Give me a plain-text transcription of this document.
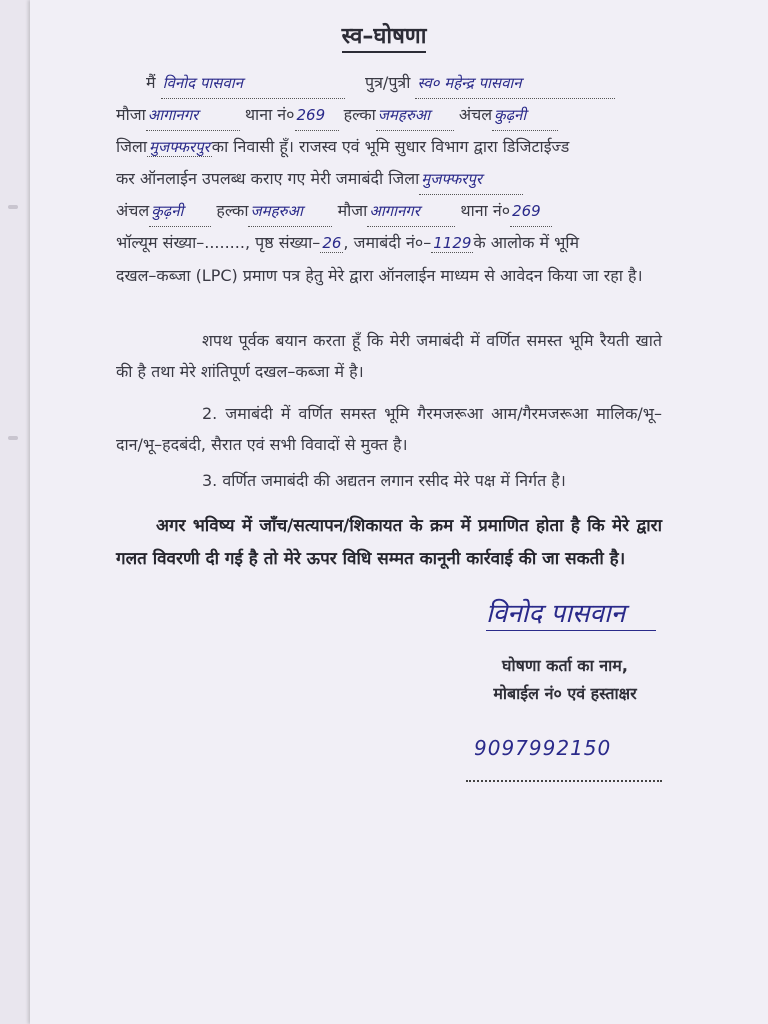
स्व–घोषणा
मैं विनोद पासवान	पुत्र/पुत्री स्व० महेन्द्र पासवान
मौजा आगानगर	थाना नं० 269 हल्का जमहरुआ अंचल कुढ़नी
जिला मुजफ्फरपुर का निवासी हूँ। राजस्व एवं भूमि सुधार विभाग द्वारा डिजिटाईज्ड
कर ऑनलाईन उपलब्ध कराए गए मेरी जमाबंदी जिला मुजफ्फरपुर
अंचल कुढ़नी हल्का जमहरुआ मौजा आगानगर	थाना नं० 269
भॉल्यूम संख्या–........, पृष्ठ संख्या– 26 , जमाबंदी नं०– 1129 के आलोक में भूमि
दखल–कब्जा (LPC) प्रमाण पत्र हेतु मेरे द्वारा ऑनलाईन माध्यम से आवेदन किया जा रहा है।
शपथ पूर्वक बयान करता हूँ कि मेरी जमाबंदी में वर्णित समस्त भूमि रैयती खाते की है तथा मेरे शांतिपूर्ण दखल–कब्जा में है।
2. जमाबंदी में वर्णित समस्त भूमि गैरमजरूआ आम/गैरमजरूआ मालिक/भू–दान/भू–हदबंदी, सैरात एवं सभी विवादों से मुक्त है।
3. वर्णित जमाबंदी की अद्यतन लगान रसीद मेरे पक्ष में निर्गत है।
अगर भविष्य में जाँच/सत्यापन/शिकायत के क्रम में प्रमाणित होता है कि मेरे द्वारा गलत विवरणी दी गई है तो मेरे ऊपर विधि सम्मत कानूनी कार्रवाई की जा सकती है।
विनोद पासवान
घोषणा कर्ता का नाम,
मोबाईल नं० एवं हस्ताक्षर
9097992150
